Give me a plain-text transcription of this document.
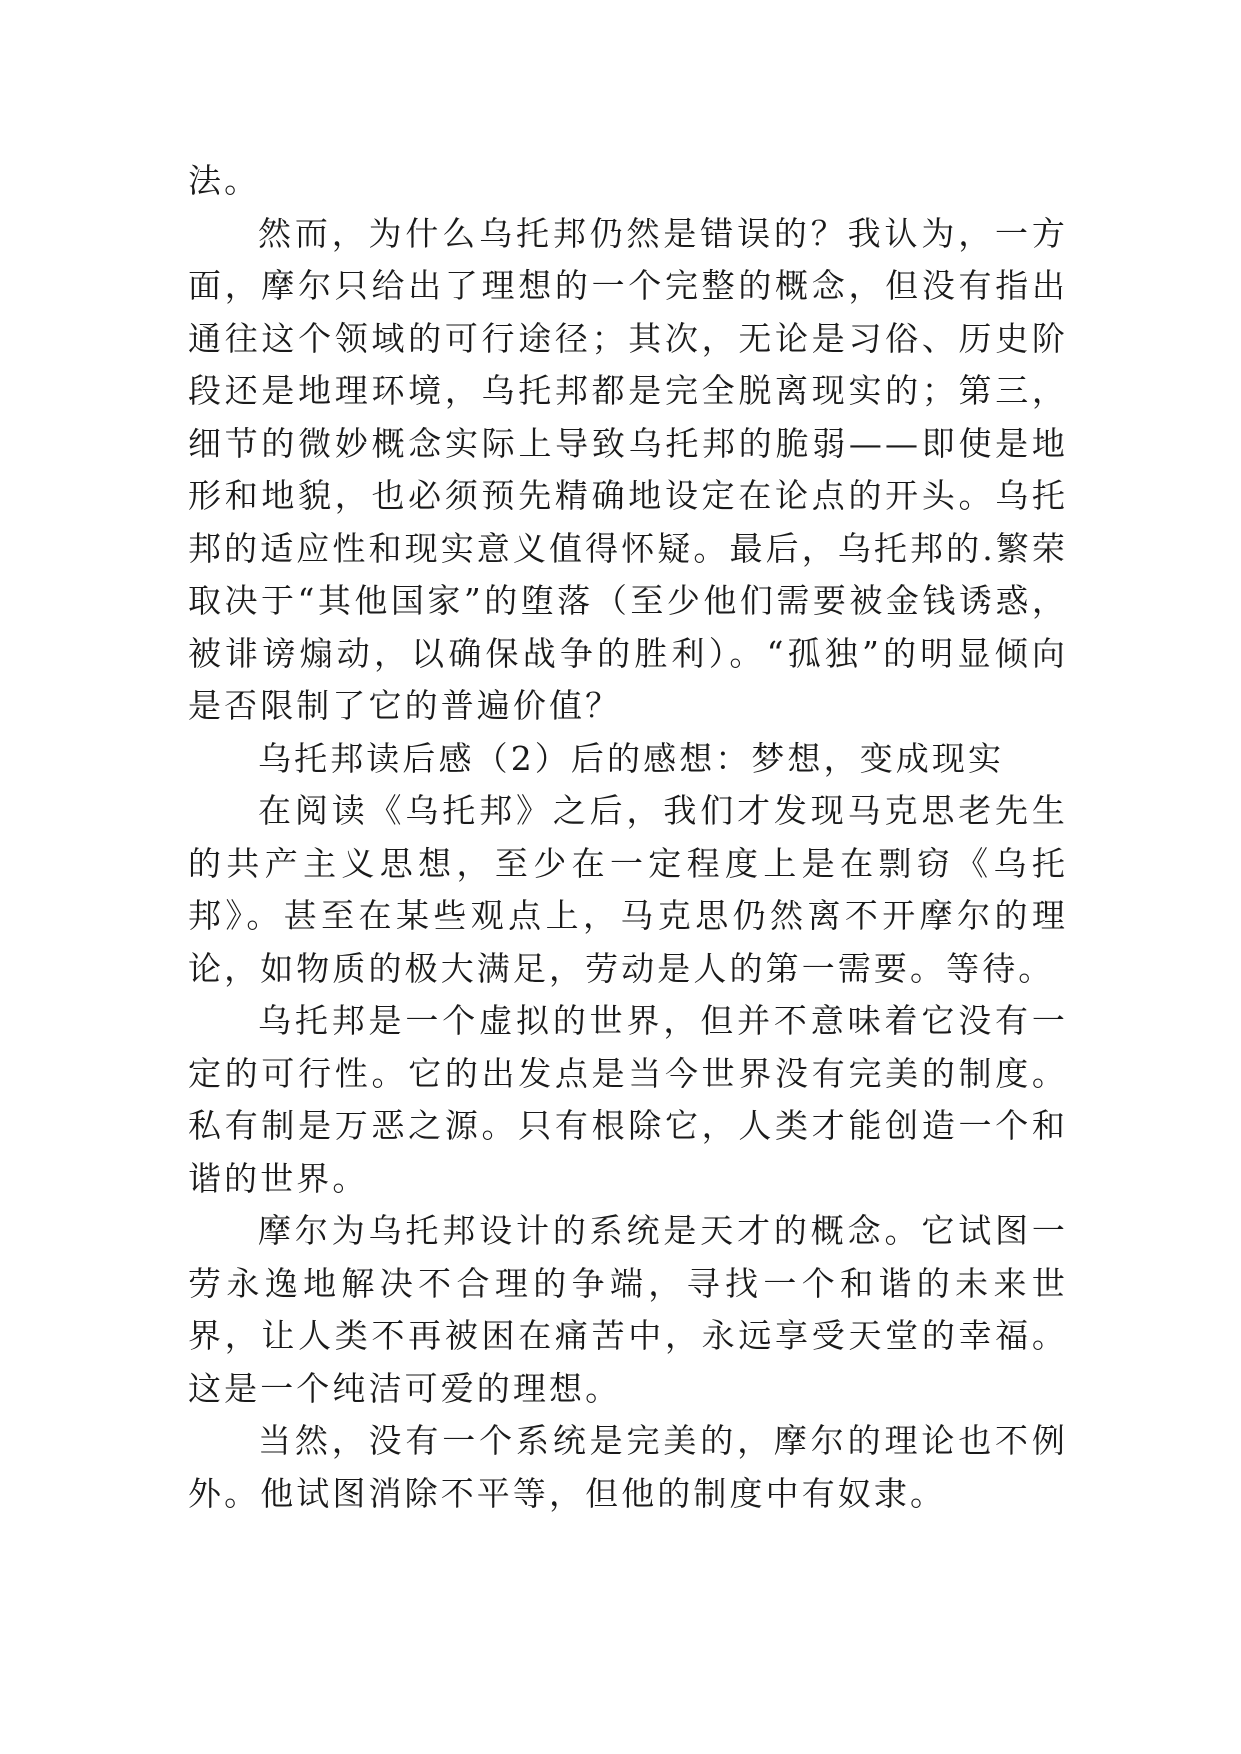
法。

然而，为什么乌托邦仍然是错误的？我认为，一方面，摩尔只给出了理想的一个完整的概念，但没有指出通往这个领域的可行途径；其次，无论是习俗、历史阶段还是地理环境，乌托邦都是完全脱离现实的；第三，细节的微妙概念实际上导致乌托邦的脆弱——即使是地形和地貌，也必须预先精确地设定在论点的开头。乌托邦的适应性和现实意义值得怀疑。最后，乌托邦的.繁荣取决于“其他国家”的堕落（至少他们需要被金钱诱惑，被诽谤煽动，以确保战争的胜利）。“孤独”的明显倾向是否限制了它的普遍价值？

乌托邦读后感（2）后的感想：梦想，变成现实

在阅读《乌托邦》之后，我们才发现马克思老先生的共产主义思想，至少在一定程度上是在剽窃《乌托邦》。甚至在某些观点上，马克思仍然离不开摩尔的理论，如物质的极大满足，劳动是人的第一需要。等待。

乌托邦是一个虚拟的世界，但并不意味着它没有一定的可行性。它的出发点是当今世界没有完美的制度。私有制是万恶之源。只有根除它，人类才能创造一个和谐的世界。

摩尔为乌托邦设计的系统是天才的概念。它试图一劳永逸地解决不合理的争端，寻找一个和谐的未来世界，让人类不再被困在痛苦中，永远享受天堂的幸福。这是一个纯洁可爱的理想。

当然，没有一个系统是完美的，摩尔的理论也不例外。他试图消除不平等，但他的制度中有奴隶。
